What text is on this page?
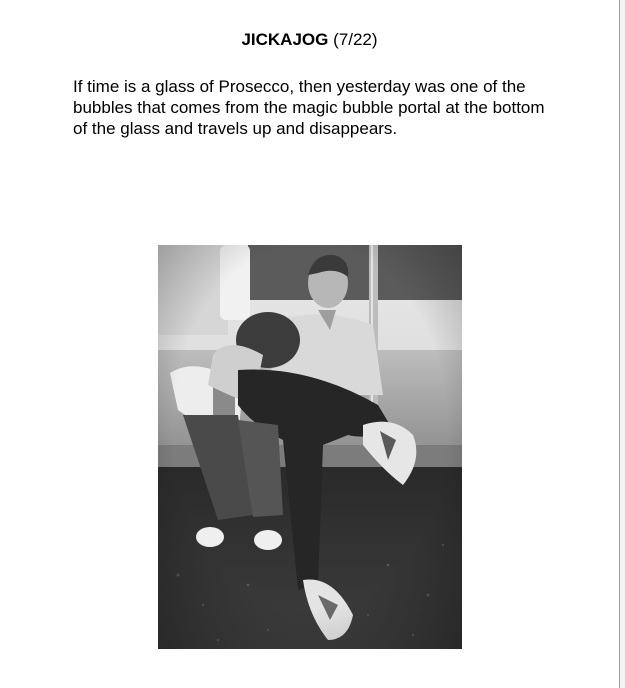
JICKAJOG (7/22)

If time is a glass of Prosecco, then yesterday was one of the bubbles that comes from the magic bubble portal at the bottom of the glass and travels up and disappears.
